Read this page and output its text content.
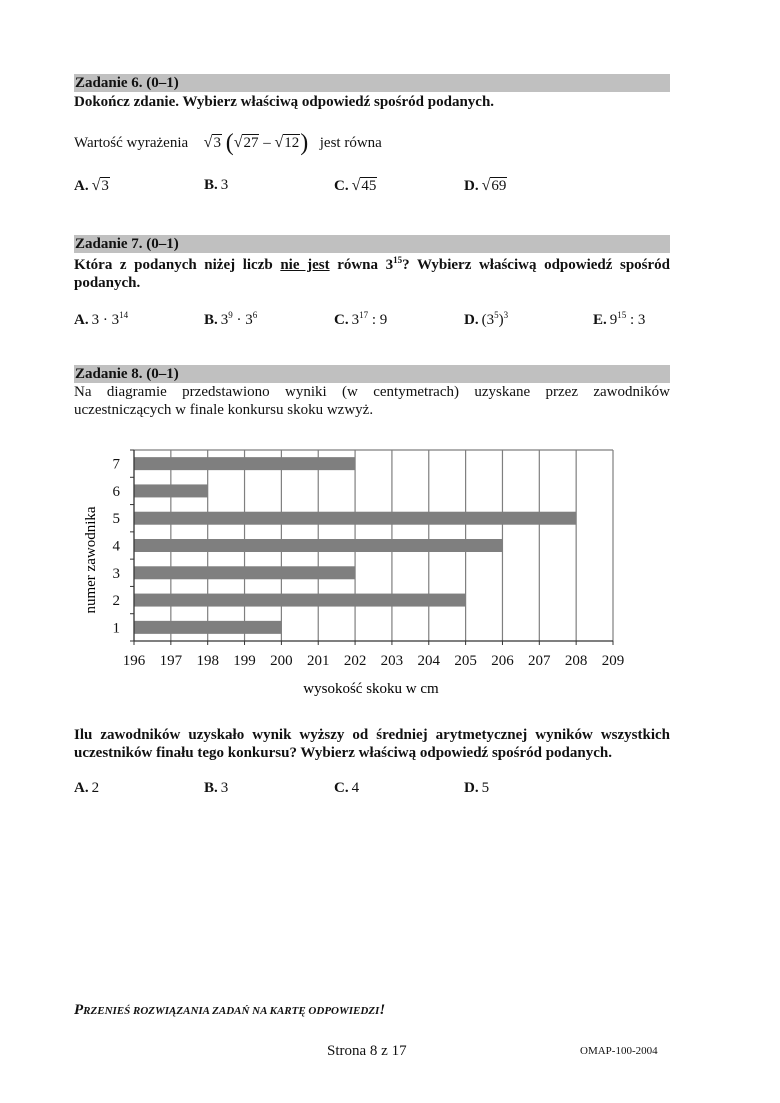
Zadanie 6. (0–1)
Dokończ zdanie. Wybierz właściwą odpowiedź spośród podanych.
Wartość wyrażenia √3 (√27 – √12) jest równa
A. √3	B. 3	C. √45	D. √69
Zadanie 7. (0–1)
Która z podanych niżej liczb nie jest równa $3^{15}$? Wybierz właściwą odpowiedź spośród
podanych.
A. $3 \cdot 3^{14}$	B. $3^9 \cdot 3^6$	C. $3^{17}$ : 9	D. $(3^5)^3$	E. $9^{15}$ : 3
Zadanie 8. (0–1)
Na diagramie przedstawiono wyniki (w centymetrach) uzyskane przez zawodników
uczestniczących w finale konkursu skoku wzwyż.
196 197 198 199 200 201 202 203 204 205 206 207 208 209
1
2
3
4
5
6
7
wysokość skoku w cm
numer zawodnika
Ilu zawodników uzyskało wynik wyższy od średniej arytmetycznej wyników wszystkich
uczestników finału tego konkursu? Wybierz właściwą odpowiedź spośród podanych.
A. 2	B. 3	C. 4	D. 5
PRZENIEŚ ROZWIĄZANIA ZADAŃ NA KARTĘ ODPOWIEDZI!
Strona 8 z 17	OMAP-100-2004
